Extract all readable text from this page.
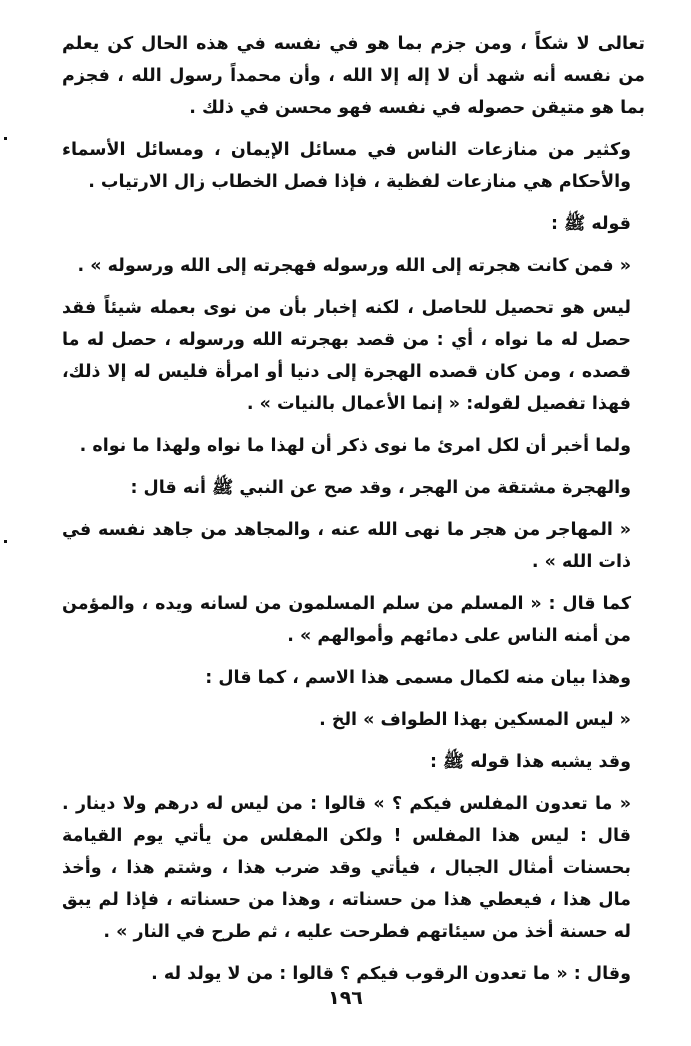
تعالى لا شكاً ، ومن جزم بما هو في نفسه في هذه الحال كن يعلم من نفسه أنه شهد أن لا إله إلا الله ، وأن محمداً رسول الله ، فجزم بما هو متيقن حصوله في نفسه فهو محسن في ذلك .

وكثير من منازعات الناس في مسائل الإيمان ، ومسائل الأسماء والأحكام هي منازعات لفظية ، فإذا فصل الخطاب زال الارتياب .

قوله ﷺ :

« فمن كانت هجرته إلى الله ورسوله فهجرته إلى الله ورسوله » .

ليس هو تحصيل للحاصل ، لكنه إخبار بأن من نوى بعمله شيئاً فقد حصل له ما نواه ، أي : من قصد بهجرته الله ورسوله ، حصل له ما قصده ، ومن كان قصده الهجرة إلى دنيا أو امرأة فليس له إلا ذلك، فهذا تفصيل لقوله: « إنما الأعمال بالنيات » .

ولما أخبر أن لكل امرئ ما نوى ذكر أن لهذا ما نواه ولهذا ما نواه .

والهجرة مشتقة من الهجر ، وقد صح عن النبي ﷺ أنه قال :

« المهاجر من هجر ما نهى الله عنه ، والمجاهد من جاهد نفسه في ذات الله » .

كما قال : « المسلم من سلم المسلمون من لسانه ويده ، والمؤمن من أمنه الناس على دمائهم وأموالهم » .

وهذا بيان منه لكمال مسمى هذا الاسم ، كما قال :

« ليس المسكين بهذا الطواف » الخ .

وقد يشبه هذا قوله ﷺ :

« ما تعدون المفلس فيكم ؟ » قالوا : من ليس له درهم ولا دينار . قال : ليس هذا المفلس ! ولكن المفلس من يأتي يوم القيامة بحسنات أمثال الجبال ، فيأتي وقد ضرب هذا ، وشتم هذا ، وأخذ مال هذا ، فيعطي هذا من حسناته ، وهذا من حسناته ، فإذا لم يبق له حسنة أخذ من سيئاتهم فطرحت عليه ، ثم طرح في النار » .

وقال : « ما تعدون الرقوب فيكم ؟ قالوا : من لا يولد له .

١٩٦
